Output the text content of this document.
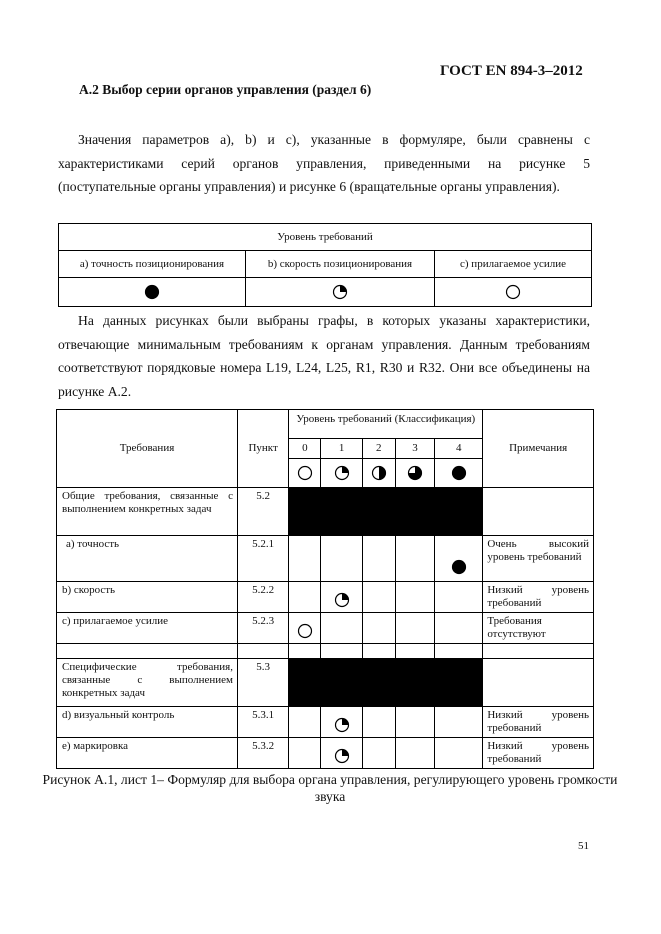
ГОСТ EN 894-3–2012
А.2 Выбор серии органов управления (раздел 6)
Значения параметров а), b) и с), указанные в формуляре, были сравнены с характеристиками серий органов управления, приведенными на рисунке 5 (поступательные органы управления) и рисунке 6 (вращательные органы управления).
Уровень требований		
а) точность позиционирования	b) скорость позиционирования	с) прилагаемое усилие

На данных рисунках были выбраны графы, в которых указаны характеристики, отвечающие минимальным требованиям к органам управления. Данным требованиям соответствуют порядковые номера L19, L24, L25, R1, R30 и R32. Они все объединены на рисунке А.2.
Требования	Пункт	Уровень требований (Классификация)					Примечания
		0	1	2	3	4	

Общие требования, связанные с выполнением конкретных задач	5.2						
а) точность	5.2.1						Очень высокий уровень требований
b) скорость	5.2.2						Низкий уровень требований
с) прилагаемое усилие	5.2.3						Требования отсутствуют

Специфические требования, связанные с выполнением конкретных задач	5.3						
d) визуальный контроль	5.3.1						Низкий уровень требований
е) маркировка	5.3.2						Низкий уровень требований
Рисунок А.1, лист 1– Формуляр для выбора органа управления, регулирующего уровень громкости звука
51
